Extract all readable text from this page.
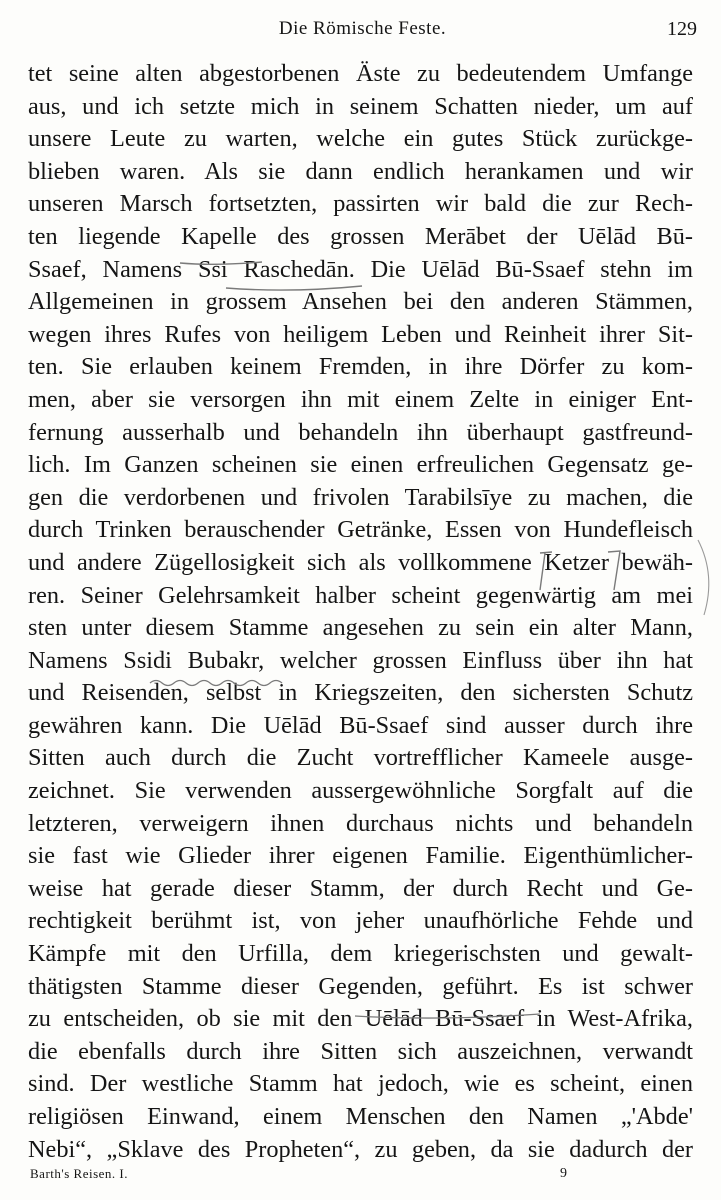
Die Römische Feste.	129
tet seine alten abgestorbenen Äste zu bedeutendem Umfange
aus, und ich setzte mich in seinem Schatten nieder, um auf
unsere Leute zu warten, welche ein gutes Stück zurückge-
blieben waren. Als sie dann endlich herankamen und wir
unseren Marsch fortsetzten, passirten wir bald die zur Rech-
ten liegende Kapelle des grossen Merābet der Uēlād Bū-
Ssaef, Namens Ssi Raschedān. Die Uēlād Bū-Ssaef stehn im
Allgemeinen in grossem Ansehen bei den anderen Stämmen,
wegen ihres Rufes von heiligem Leben und Reinheit ihrer Sit-
ten. Sie erlauben keinem Fremden, in ihre Dörfer zu kom-
men, aber sie versorgen ihn mit einem Zelte in einiger Ent-
fernung ausserhalb und behandeln ihn überhaupt gastfreund-
lich. Im Ganzen scheinen sie einen erfreulichen Gegensatz ge-
gen die verdorbenen und frivolen Tarabilsīye zu machen, die
durch Trinken berauschender Getränke, Essen von Hundefleisch
und andere Zügellosigkeit sich als vollkommene Ketzer bewäh-
ren. Seiner Gelehrsamkeit halber scheint gegenwärtig am mei
sten unter diesem Stamme angesehen zu sein ein alter Mann,
Namens Ssidi Bubakr, welcher grossen Einfluss über ihn hat
und Reisenden, selbst in Kriegszeiten, den sichersten Schutz
gewähren kann. Die Uēlād Bū-Ssaef sind ausser durch ihre
Sitten auch durch die Zucht vortrefflicher Kameele ausge-
zeichnet. Sie verwenden aussergewöhnliche Sorgfalt auf die
letzteren, verweigern ihnen durchaus nichts und behandeln
sie fast wie Glieder ihrer eigenen Familie. Eigenthümlicher-
weise hat gerade dieser Stamm, der durch Recht und Ge-
rechtigkeit berühmt ist, von jeher unaufhörliche Fehde und
Kämpfe mit den Urfilla, dem kriegerischsten und gewalt-
thätigsten Stamme dieser Gegenden, geführt. Es ist schwer
zu entscheiden, ob sie mit den Uēlād Bū-Ssaef in West-Afrika,
die ebenfalls durch ihre Sitten sich auszeichnen, verwandt
sind. Der westliche Stamm hat jedoch, wie es scheint, einen
religiösen Einwand, einem Menschen den Namen „'Abde'
Nebi“, „Sklave des Propheten“, zu geben, da sie dadurch der
Barth's Reisen. I.	9
